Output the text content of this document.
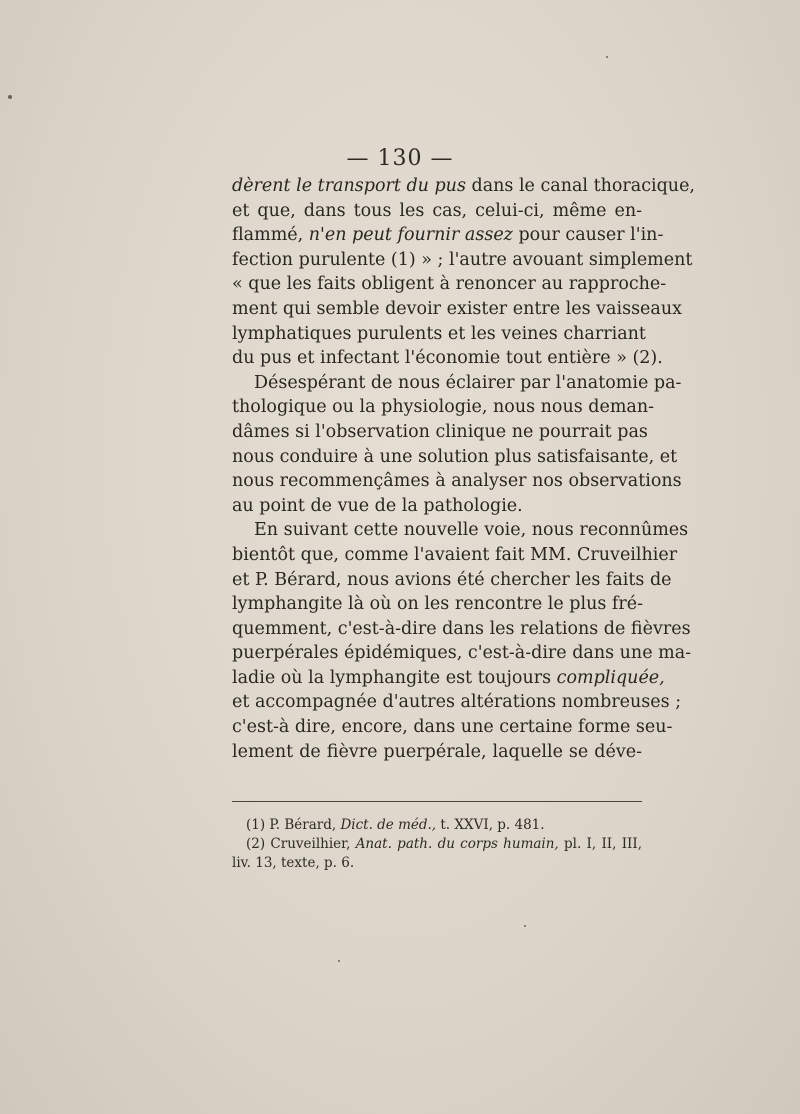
— 130 —
dèrent le transport du pus dans le canal thoracique,
et que, dans tous les cas, celui-ci, même en-
flammé, n'en peut fournir assez pour causer l'in-
fection purulente (1) » ; l'autre avouant simplement
« que les faits obligent à renoncer au rapproche-
ment qui semble devoir exister entre les vaisseaux
lymphatiques purulents et les veines charriant
du pus et infectant l'économie tout entière » (2).
Désespérant de nous éclairer par l'anatomie pa-
thologique ou la physiologie, nous nous deman-
dâmes si l'observation clinique ne pourrait pas
nous conduire à une solution plus satisfaisante, et
nous recommençâmes à analyser nos observations
au point de vue de la pathologie.
En suivant cette nouvelle voie, nous reconnûmes
bientôt que, comme l'avaient fait MM. Cruveilhier
et P. Bérard, nous avions été chercher les faits de
lymphangite là où on les rencontre le plus fré-
quemment, c'est-à-dire dans les relations de fièvres
puerpérales épidémiques, c'est-à-dire dans une ma-
ladie où la lymphangite est toujours compliquée,
et accompagnée d'autres altérations nombreuses ;
c'est-à dire, encore, dans une certaine forme seu-
lement de fièvre puerpérale, laquelle se déve-
(1) P. Bérard, Dict. de méd., t. XXVI, p. 481.
(2) Cruveilhier, Anat. path. du corps humain, pl. I, II, III,
liv. 13, texte, p. 6.
